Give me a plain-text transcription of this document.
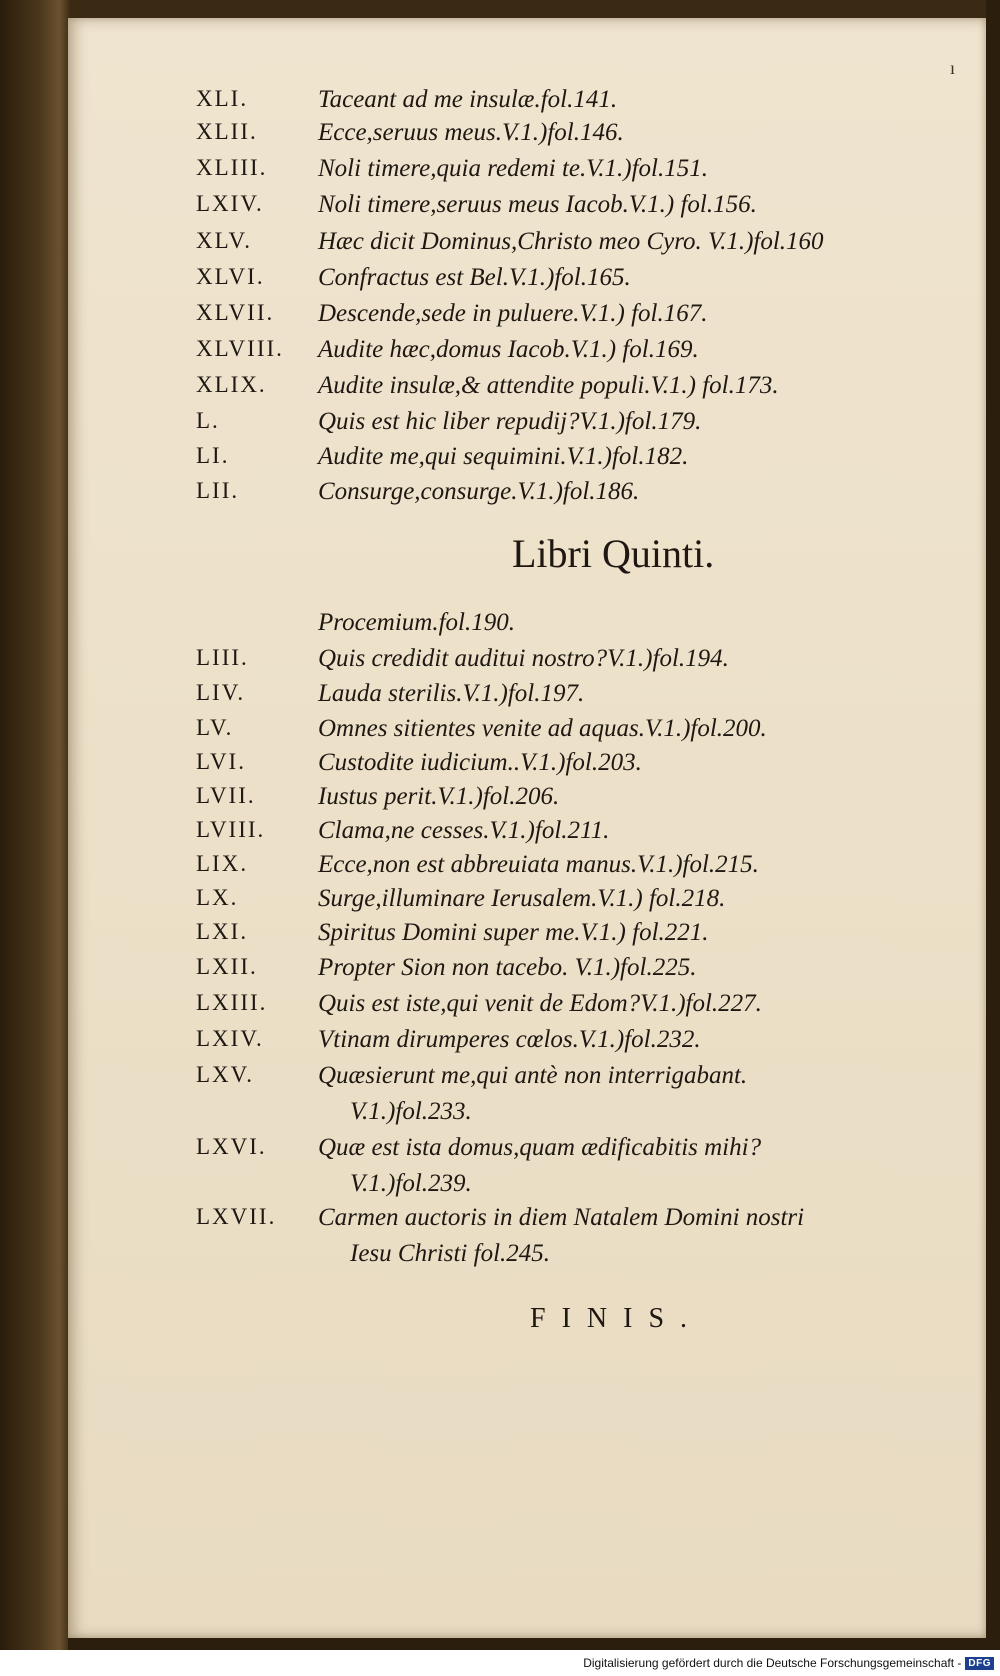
ı
XLI.	Taceant ad me insulæ.fol.141.
XLII. Ecce,seruus meus.V.1.)fol.146.
XLIII. Noli timere,quia redemi te.V.1.)fol.151.
LXIV. Noli timere,seruus meus Iacob.V.1.) fol.156.
XLV.	Hæc dicit Dominus,Christo meo Cyro. V.1.)fol.160
XLVI. Confractus est Bel.V.1.)fol.165.
XLVII. Descende,sede in puluere.V.1.) fol.167.
XLVIII. Audite hæc,domus Iacob.V.1.) fol.169.
XLIX. Audite insulæ,& attendite populi.V.1.) fol.173.
L.	Quis est hic liber repudij?V.1.)fol.179.
LI.	Audite me,qui sequimini.V.1.)fol.182.
LII.	Consurge,consurge.V.1.)fol.186.
Libri Quinti.
Procemium.fol.190.
LIII.	Quis credidit auditui nostro?V.1.)fol.194.
LIV.	Lauda sterilis.V.1.)fol.197.
LV.	Omnes sitientes venite ad aquas.V.1.)fol.200.
LVI.	Custodite iudicium..V.1.)fol.203.
LVII. Iustus perit.V.1.)fol.206.
LVIII. Clama,ne cesses.V.1.)fol.211.
LIX.	Ecce,non est abbreuiata manus.V.1.)fol.215.
LX.	Surge,illuminare Ierusalem.V.1.) fol.218.
LXI.	Spiritus Domini super me.V.1.) fol.221.
LXII. Propter Sion non tacebo. V.1.)fol.225.
LXIII. Quis est iste,qui venit de Edom?V.1.)fol.227.
LXIV. Vtinam dirumperes cœlos.V.1.)fol.232.
LXV.	Quæsierunt me,qui antè non interrigabant.
V.1.)fol.233.
LXVI. Quæ est ista domus,quam ædificabitis mihi?
V.1.)fol.239.
LXVII. Carmen auctoris in diem Natalem Domini nostri
Iesu Christi fol.245.
FINIS.
Digitalisierung gefördert durch die Deutsche Forschungsgemeinschaft - DFG
